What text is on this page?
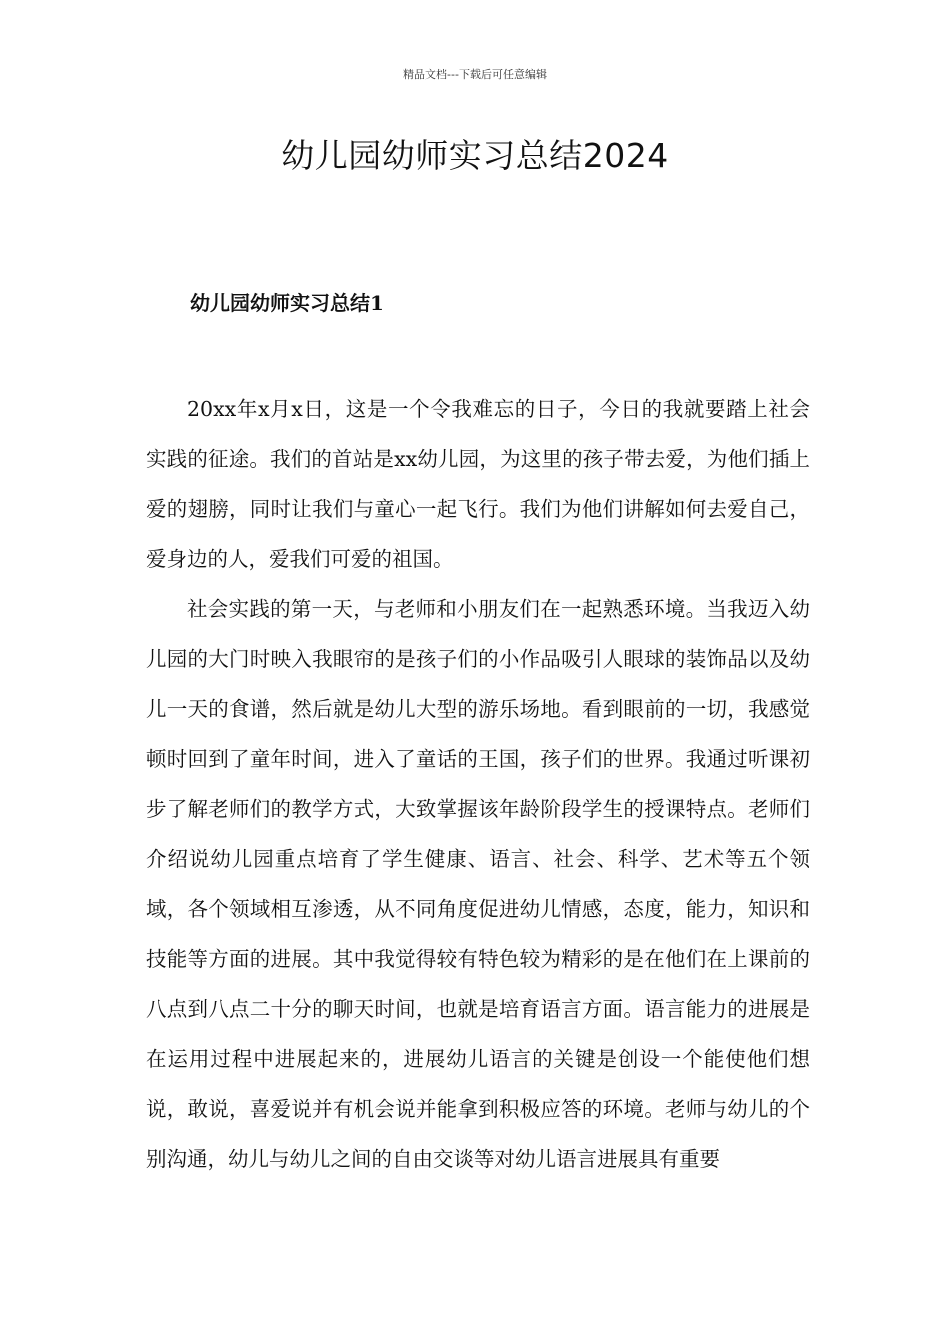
精品文档---下载后可任意编辑
幼儿园幼师实习总结2024
幼儿园幼师实习总结1

20xx年x月x日，这是一个令我难忘的日子，今日的我就要踏上社会实践的征途。我们的首站是xx幼儿园，为这里的孩子带去爱，为他们插上爱的翅膀，同时让我们与童心一起飞行。我们为他们讲解如何去爱自己，爱身边的人，爱我们可爱的祖国。

社会实践的第一天，与老师和小朋友们在一起熟悉环境。当我迈入幼儿园的大门时映入我眼帘的是孩子们的小作品吸引人眼球的装饰品以及幼儿一天的食谱，然后就是幼儿大型的游乐场地。看到眼前的一切，我感觉顿时回到了童年时间，进入了童话的王国，孩子们的世界。我通过听课初步了解老师们的教学方式，大致掌握该年龄阶段学生的授课特点。老师们介绍说幼儿园重点培育了学生健康、语言、社会、科学、艺术等五个领域，各个领域相互渗透，从不同角度促进幼儿情感，态度，能力，知识和技能等方面的进展。其中我觉得较有特色较为精彩的是在他们在上课前的八点到八点二十分的聊天时间，也就是培育语言方面。语言能力的进展是在运用过程中进展起来的，进展幼儿语言的关键是创设一个能使他们想说，敢说，喜爱说并有机会说并能拿到积极应答的环境。老师与幼儿的个别沟通，幼儿与幼儿之间的自由交谈等对幼儿语言进展具有重要
